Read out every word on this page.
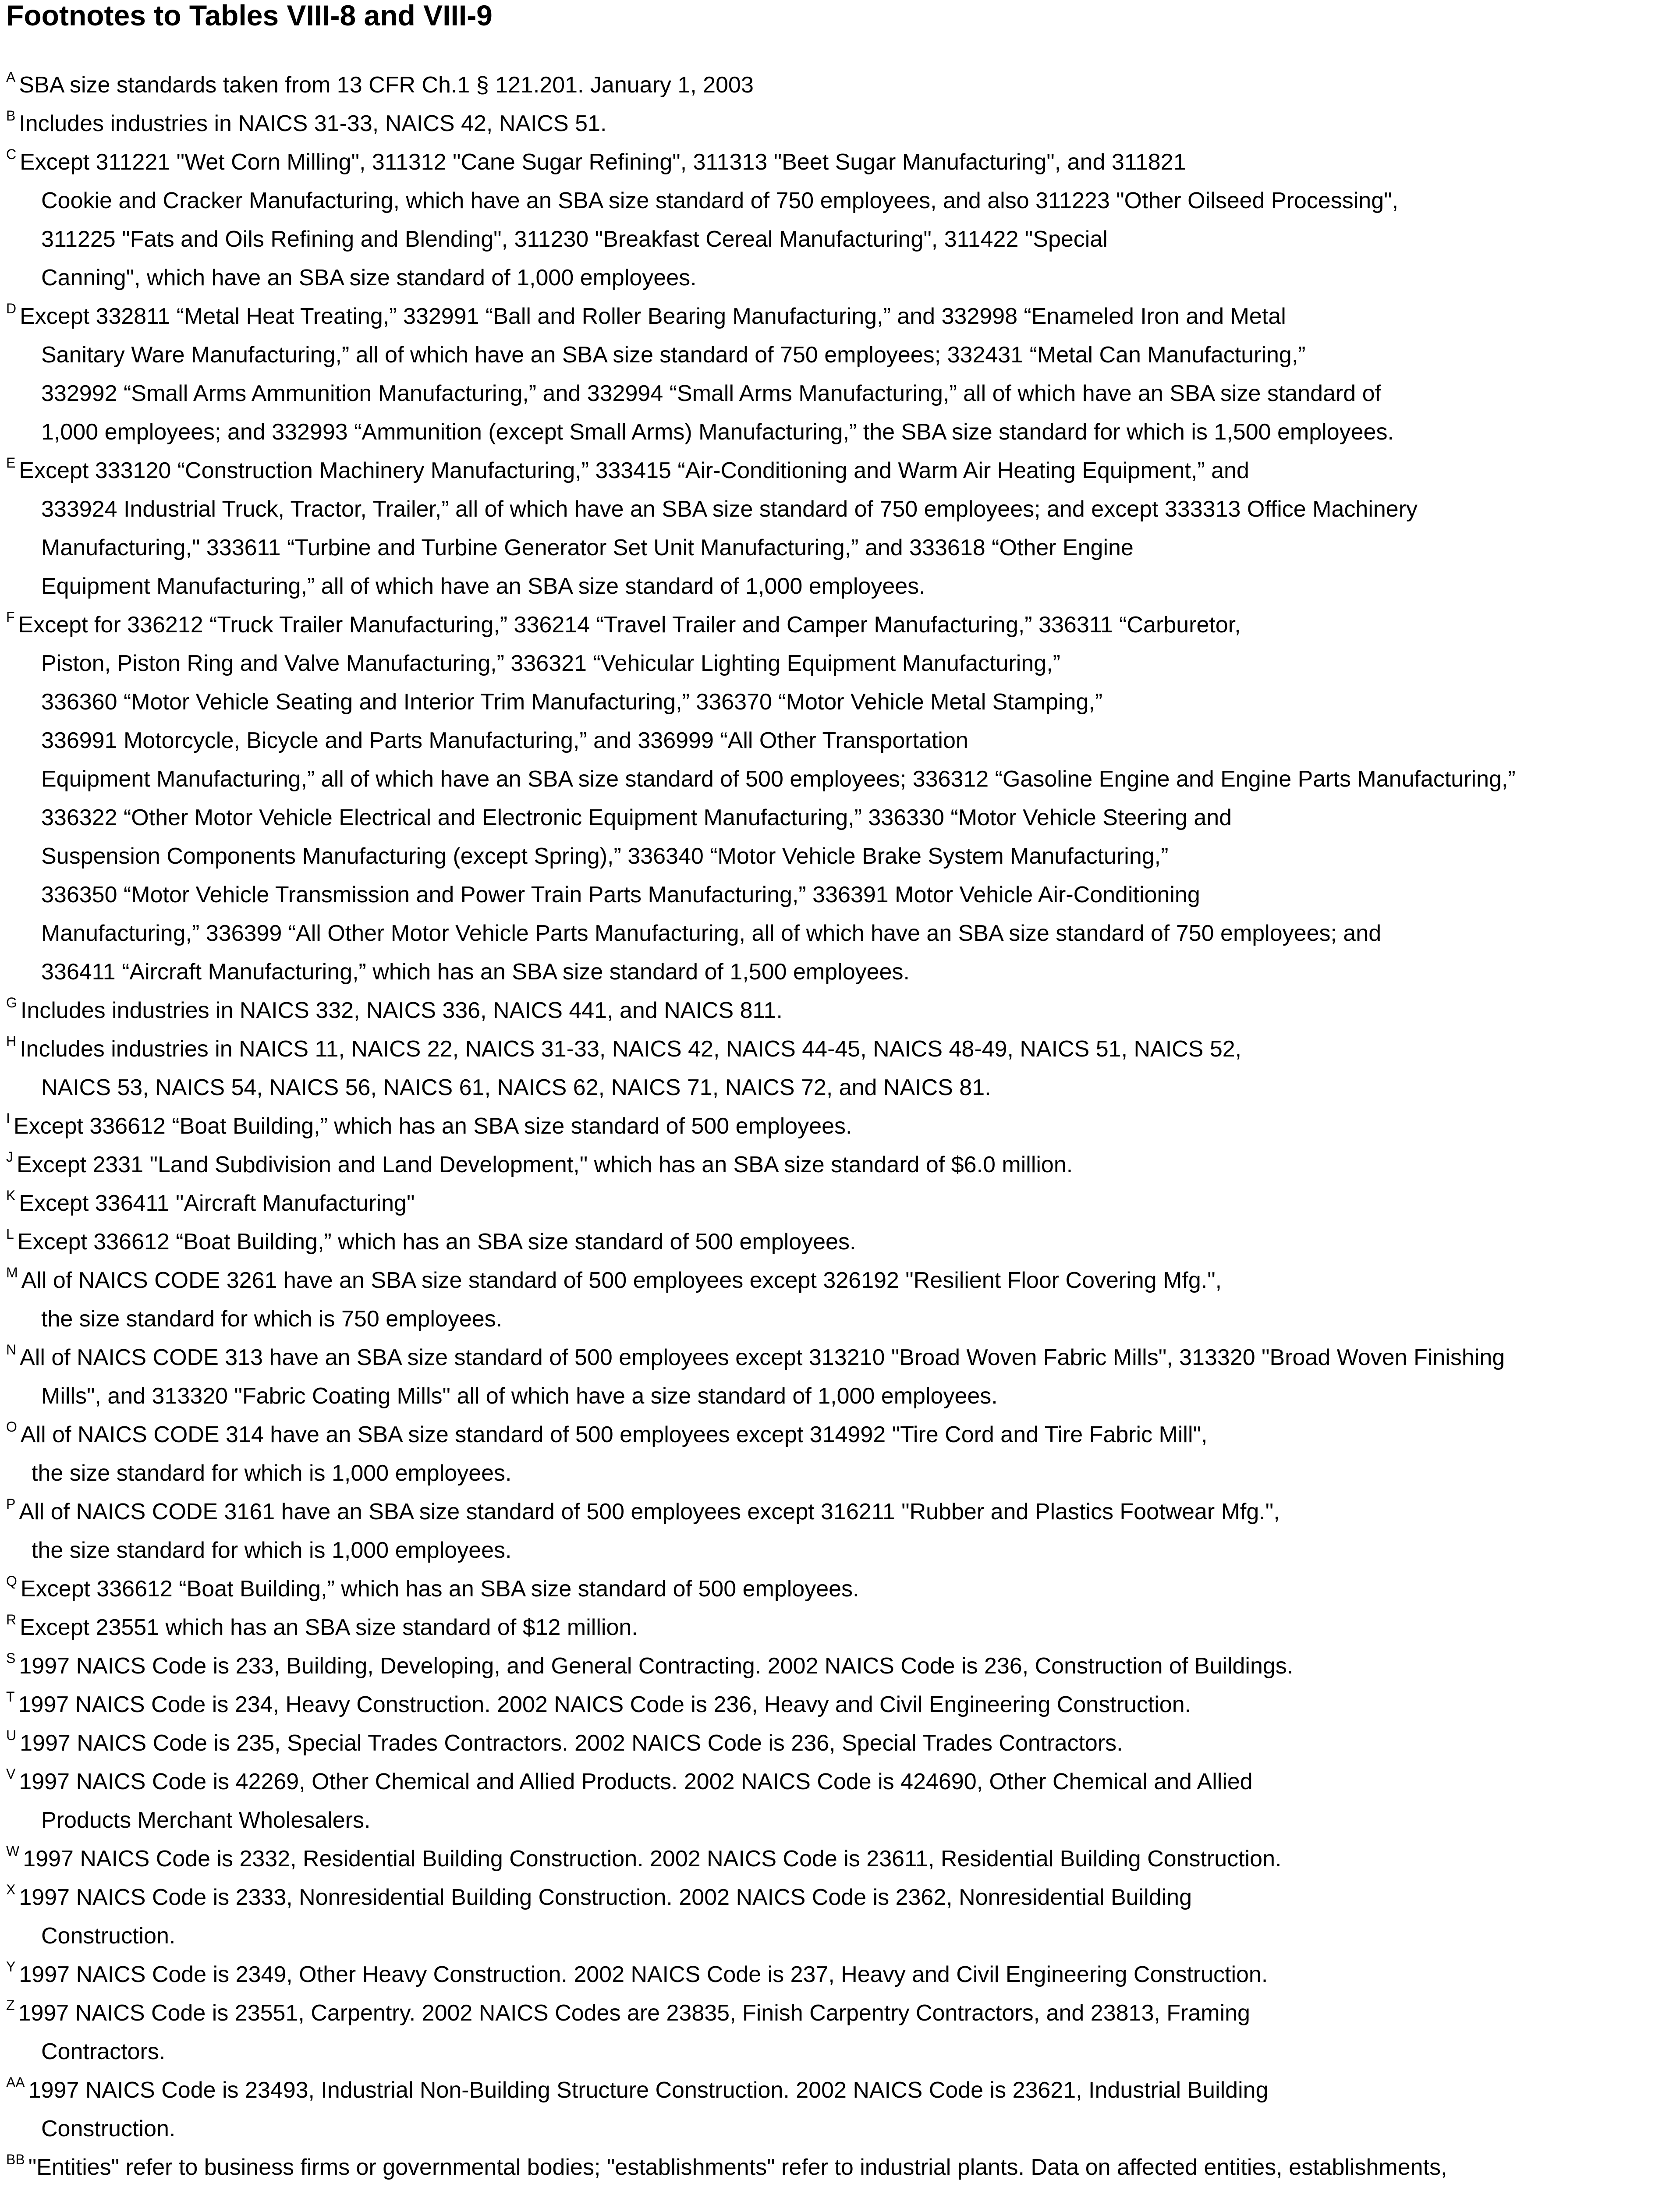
Footnotes to Tables VIII-8 and VIII-9
$^A$ SBA size standards taken from 13 CFR Ch.1 § 121.201. January 1, 2003
$^B$ Includes industries in NAICS 31-33, NAICS 42, NAICS 51.
$^C$ Except 311221 "Wet Corn Milling", 311312 "Cane Sugar Refining", 311313 "Beet Sugar Manufacturing", and 311821
Cookie and Cracker Manufacturing, which have an SBA size standard of 750 employees, and also 311223 "Other Oilseed Processing",
311225 "Fats and Oils Refining and Blending", 311230 "Breakfast Cereal Manufacturing", 311422 "Special
Canning", which have an SBA size standard of 1,000 employees.
$^D$ Except 332811 “Metal Heat Treating,” 332991 “Ball and Roller Bearing Manufacturing,” and 332998 “Enameled Iron and Metal
Sanitary Ware Manufacturing,” all of which have an SBA size standard of 750 employees; 332431 “Metal Can Manufacturing,”
332992 “Small Arms Ammunition Manufacturing,” and 332994 “Small Arms Manufacturing,” all of which have an SBA size standard of
1,000 employees; and 332993 “Ammunition (except Small Arms) Manufacturing,” the SBA size standard for which is 1,500 employees.
$^E$ Except 333120 “Construction Machinery Manufacturing,” 333415 “Air-Conditioning and Warm Air Heating Equipment,” and
333924 Industrial Truck, Tractor, Trailer,” all of which have an SBA size standard of 750 employees; and except 333313 Office Machinery
Manufacturing," 333611 “Turbine and Turbine Generator Set Unit Manufacturing,” and 333618 “Other Engine
Equipment Manufacturing,” all of which have an SBA size standard of 1,000 employees.
$^F$ Except for 336212 “Truck Trailer Manufacturing,” 336214 “Travel Trailer and Camper Manufacturing,” 336311 “Carburetor,
Piston, Piston Ring and Valve Manufacturing,” 336321 “Vehicular Lighting Equipment Manufacturing,”
336360 “Motor Vehicle Seating and Interior Trim Manufacturing,” 336370 “Motor Vehicle Metal Stamping,”
336991 Motorcycle, Bicycle and Parts Manufacturing,” and 336999 “All Other Transportation
Equipment Manufacturing,” all of which have an SBA size standard of 500 employees; 336312 “Gasoline Engine and Engine Parts Manufacturing,”
336322 “Other Motor Vehicle Electrical and Electronic Equipment Manufacturing,” 336330 “Motor Vehicle Steering and
Suspension Components Manufacturing (except Spring),” 336340 “Motor Vehicle Brake System Manufacturing,”
336350 “Motor Vehicle Transmission and Power Train Parts Manufacturing,” 336391 Motor Vehicle Air-Conditioning
Manufacturing,” 336399 “All Other Motor Vehicle Parts Manufacturing, all of which have an SBA size standard of 750 employees; and
336411 “Aircraft Manufacturing,” which has an SBA size standard of 1,500 employees.
$^G$ Includes industries in NAICS 332, NAICS 336, NAICS 441, and NAICS 811.
$^H$ Includes industries in NAICS 11, NAICS 22, NAICS 31-33, NAICS 42, NAICS 44-45, NAICS 48-49, NAICS 51, NAICS 52,
NAICS 53, NAICS 54, NAICS 56, NAICS 61, NAICS 62, NAICS 71, NAICS 72, and NAICS 81.
$^I$ Except 336612 “Boat Building,” which has an SBA size standard of 500 employees.
$^J$ Except 2331 "Land Subdivision and Land Development," which has an SBA size standard of $6.0 million.
$^K$ Except 336411 "Aircraft Manufacturing"
$^L$ Except 336612 “Boat Building,” which has an SBA size standard of 500 employees.
$^M$ All of NAICS CODE 3261 have an SBA size standard of 500 employees except 326192 "Resilient Floor Covering Mfg.",
the size standard for which is 750 employees.
$^N$ All of NAICS CODE 313 have an SBA size standard of 500 employees except 313210 "Broad Woven Fabric Mills", 313320 "Broad Woven Finishing
Mills", and 313320 "Fabric Coating Mills" all of which have a size standard of 1,000 employees.
$^O$ All of NAICS CODE 314 have an SBA size standard of 500 employees except 314992 "Tire Cord and Tire Fabric Mill",
the size standard for which is 1,000 employees.
$^P$ All of NAICS CODE 3161 have an SBA size standard of 500 employees except 316211 "Rubber and Plastics Footwear Mfg.",
the size standard for which is 1,000 employees.
$^Q$ Except 336612 “Boat Building,” which has an SBA size standard of 500 employees.
$^R$ Except 23551 which has an SBA size standard of $12 million.
$^S$ 1997 NAICS Code is 233, Building, Developing, and General Contracting. 2002 NAICS Code is 236, Construction of Buildings.
$^T$ 1997 NAICS Code is 234, Heavy Construction. 2002 NAICS Code is 236, Heavy and Civil Engineering Construction.
$^U$ 1997 NAICS Code is 235, Special Trades Contractors. 2002 NAICS Code is 236, Special Trades Contractors.
$^V$ 1997 NAICS Code is 42269, Other Chemical and Allied Products. 2002 NAICS Code is 424690, Other Chemical and Allied
Products Merchant Wholesalers.
$^W$ 1997 NAICS Code is 2332, Residential Building Construction. 2002 NAICS Code is 23611, Residential Building Construction.
$^X$ 1997 NAICS Code is 2333, Nonresidential Building Construction. 2002 NAICS Code is 2362, Nonresidential Building
Construction.
$^Y$ 1997 NAICS Code is 2349, Other Heavy Construction. 2002 NAICS Code is 237, Heavy and Civil Engineering Construction.
$^Z$ 1997 NAICS Code is 23551, Carpentry. 2002 NAICS Codes are 23835, Finish Carpentry Contractors, and 23813, Framing
Contractors.
$^{AA}$ 1997 NAICS Code is 23493, Industrial Non-Building Structure Construction. 2002 NAICS Code is 23621, Industrial Building
Construction.
$^{BB}$ "Entities" refer to business firms or governmental bodies; "establishments" refer to industrial plants. Data on affected entities, establishments,
